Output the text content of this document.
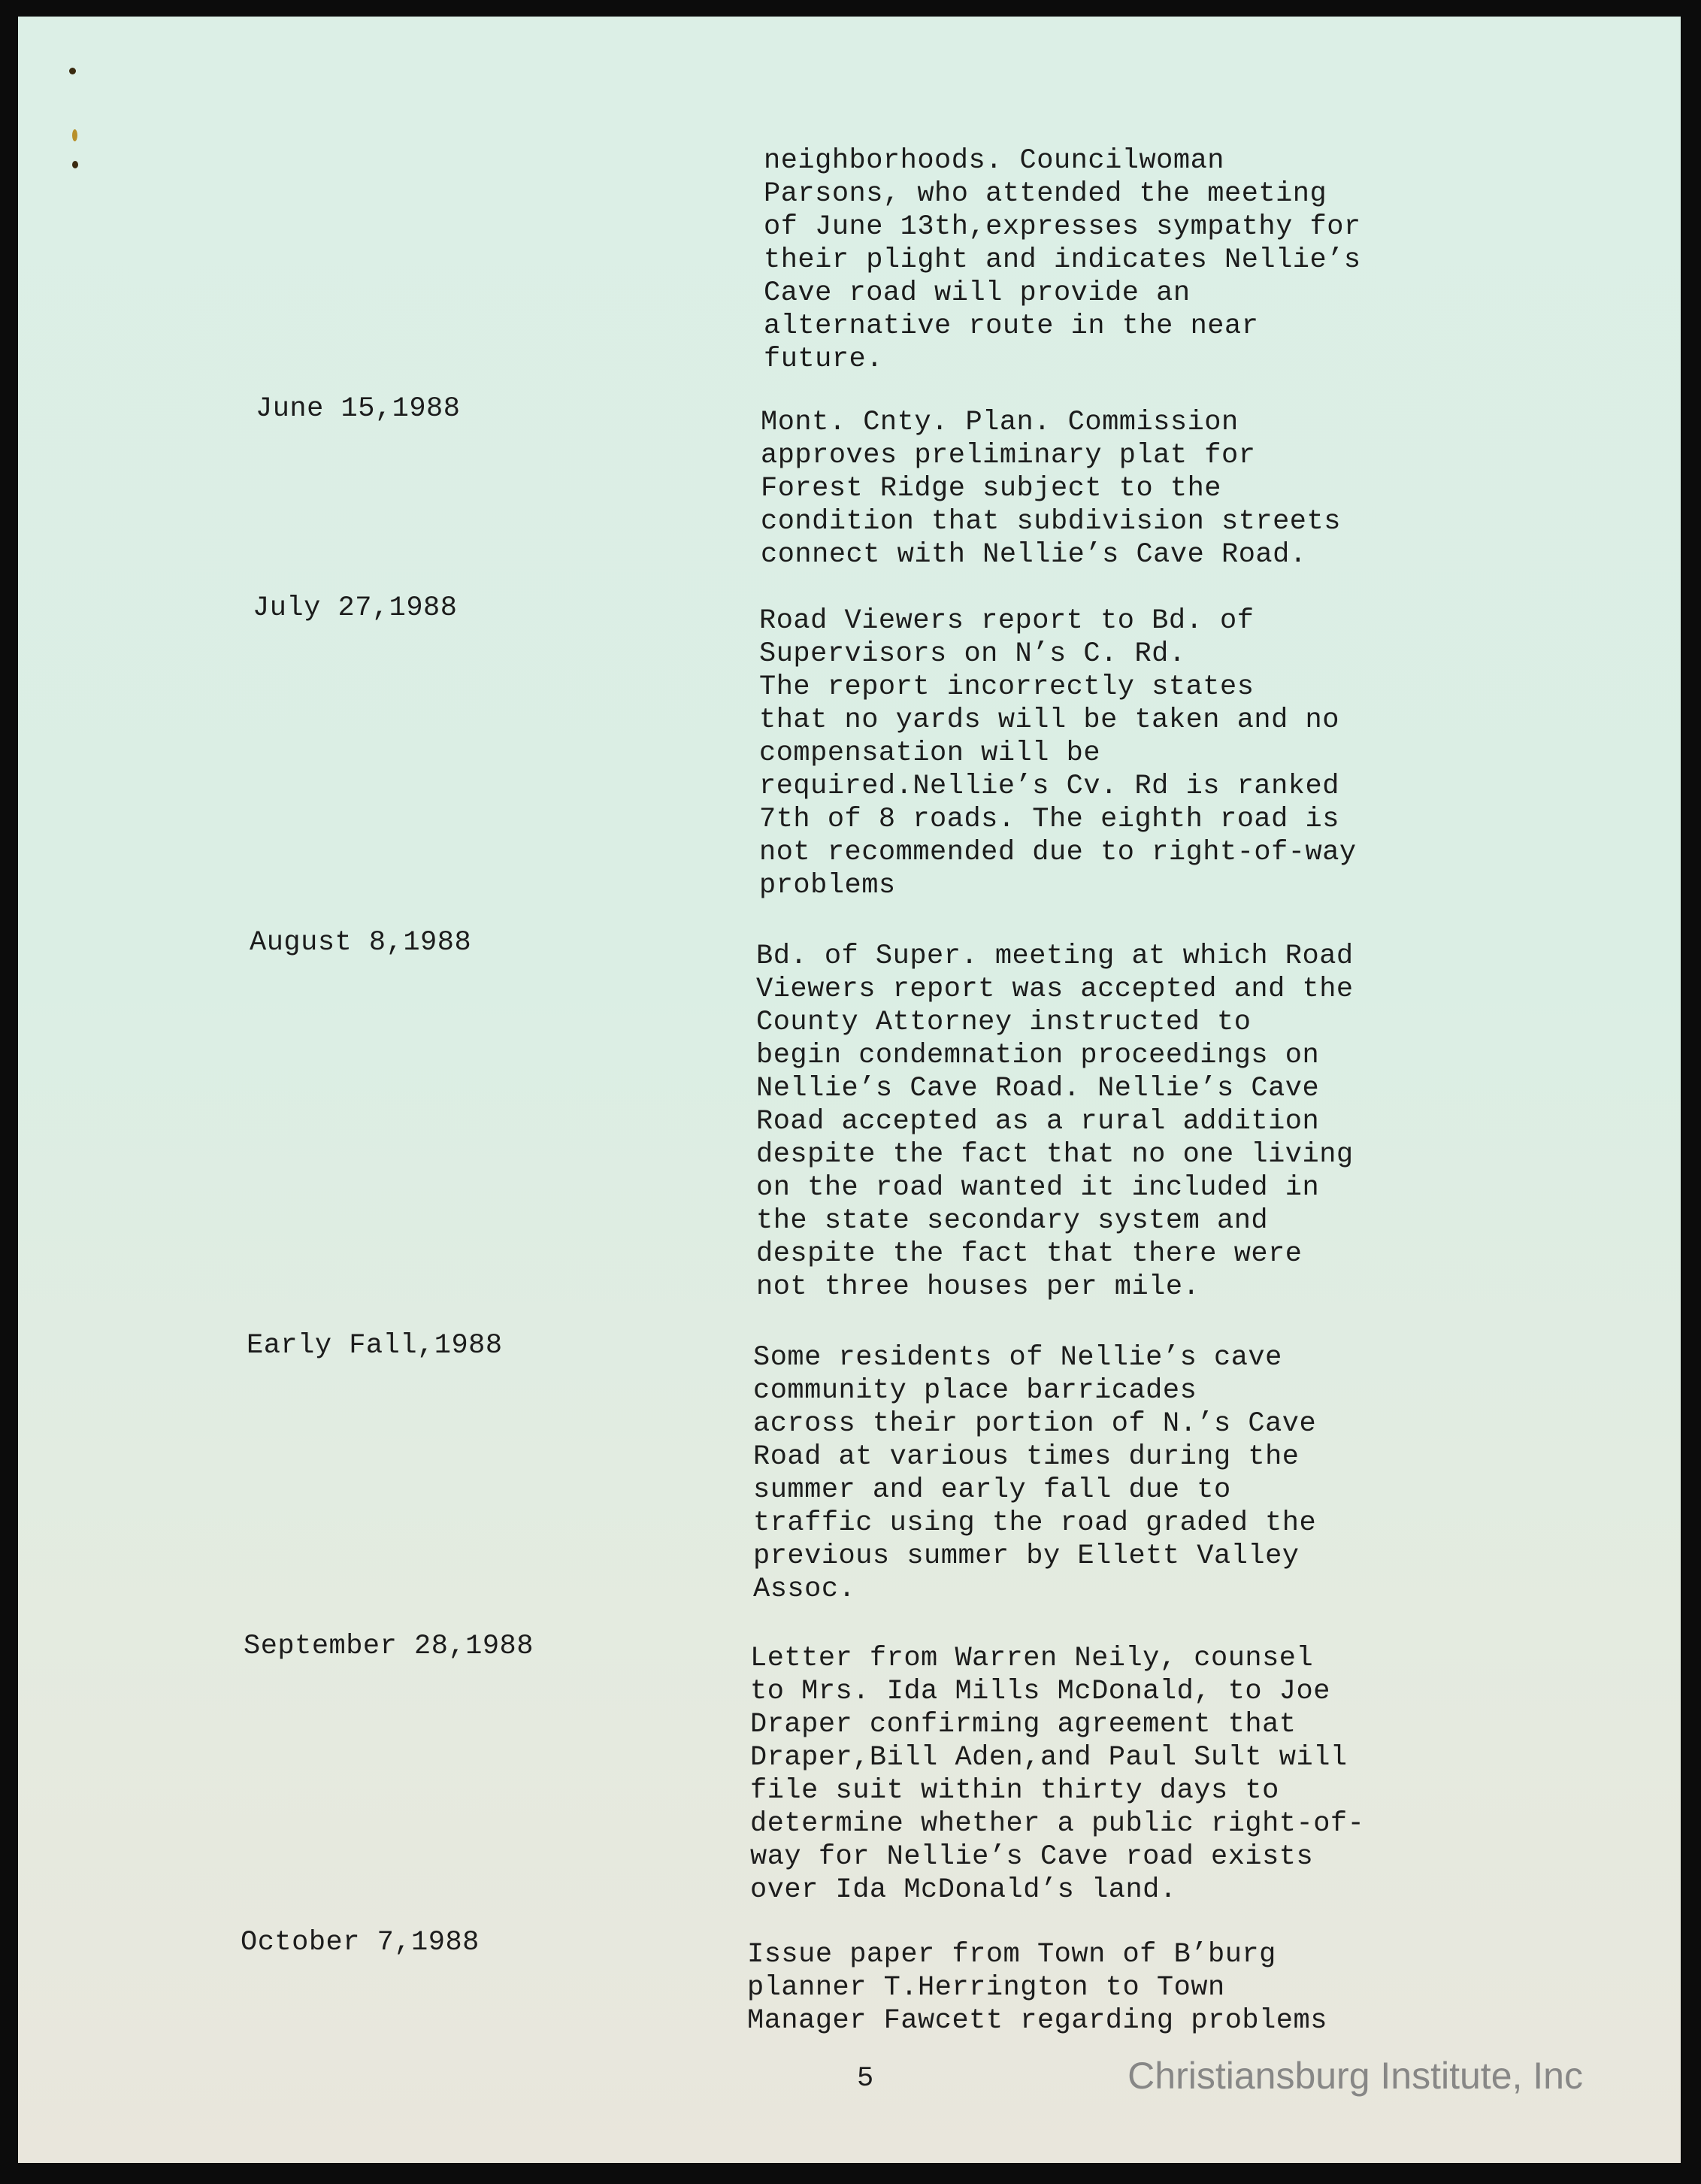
neighborhoods. Councilwoman
Parsons, who attended the meeting
of June 13th,expresses sympathy for
their plight and indicates Nellie’s
Cave road will provide an
alternative route in the near
future.
June 15,1988	Mont. Cnty. Plan. Commission
approves preliminary plat for
Forest Ridge subject to the
condition that subdivision streets
connect with Nellie’s Cave Road.
July 27,1988	Road Viewers report to Bd. of
Supervisors on N’s C. Rd.
The report incorrectly states
that no yards will be taken and no
compensation will be
required.Nellie’s Cv. Rd is ranked
7th of 8 roads. The eighth road is
not recommended due to right-of-way
problems
August 8,1988	Bd. of Super. meeting at which Road
Viewers report was accepted and the
County Attorney instructed to
begin condemnation proceedings on
Nellie’s Cave Road. Nellie’s Cave
Road accepted as a rural addition
despite the fact that no one living
on the road wanted it included in
the state secondary system and
despite the fact that there were
not three houses per mile.
Early Fall,1988	Some residents of Nellie’s cave
community place barricades
across their portion of N.’s Cave
Road at various times during the
summer and early fall due to
traffic using the road graded the
previous summer by Ellett Valley
Assoc.
September 28,1988	Letter from Warren Neily, counsel
to Mrs. Ida Mills McDonald, to Joe
Draper confirming agreement that
Draper,Bill Aden,and Paul Sult will
file suit within thirty days to
determine whether a public right-of-
way for Nellie’s Cave road exists
over Ida McDonald’s land.
October 7,1988	Issue paper from Town of B’burg
planner T.Herrington to Town
Manager Fawcett regarding problems
5	Christiansburg Institute, Inc
